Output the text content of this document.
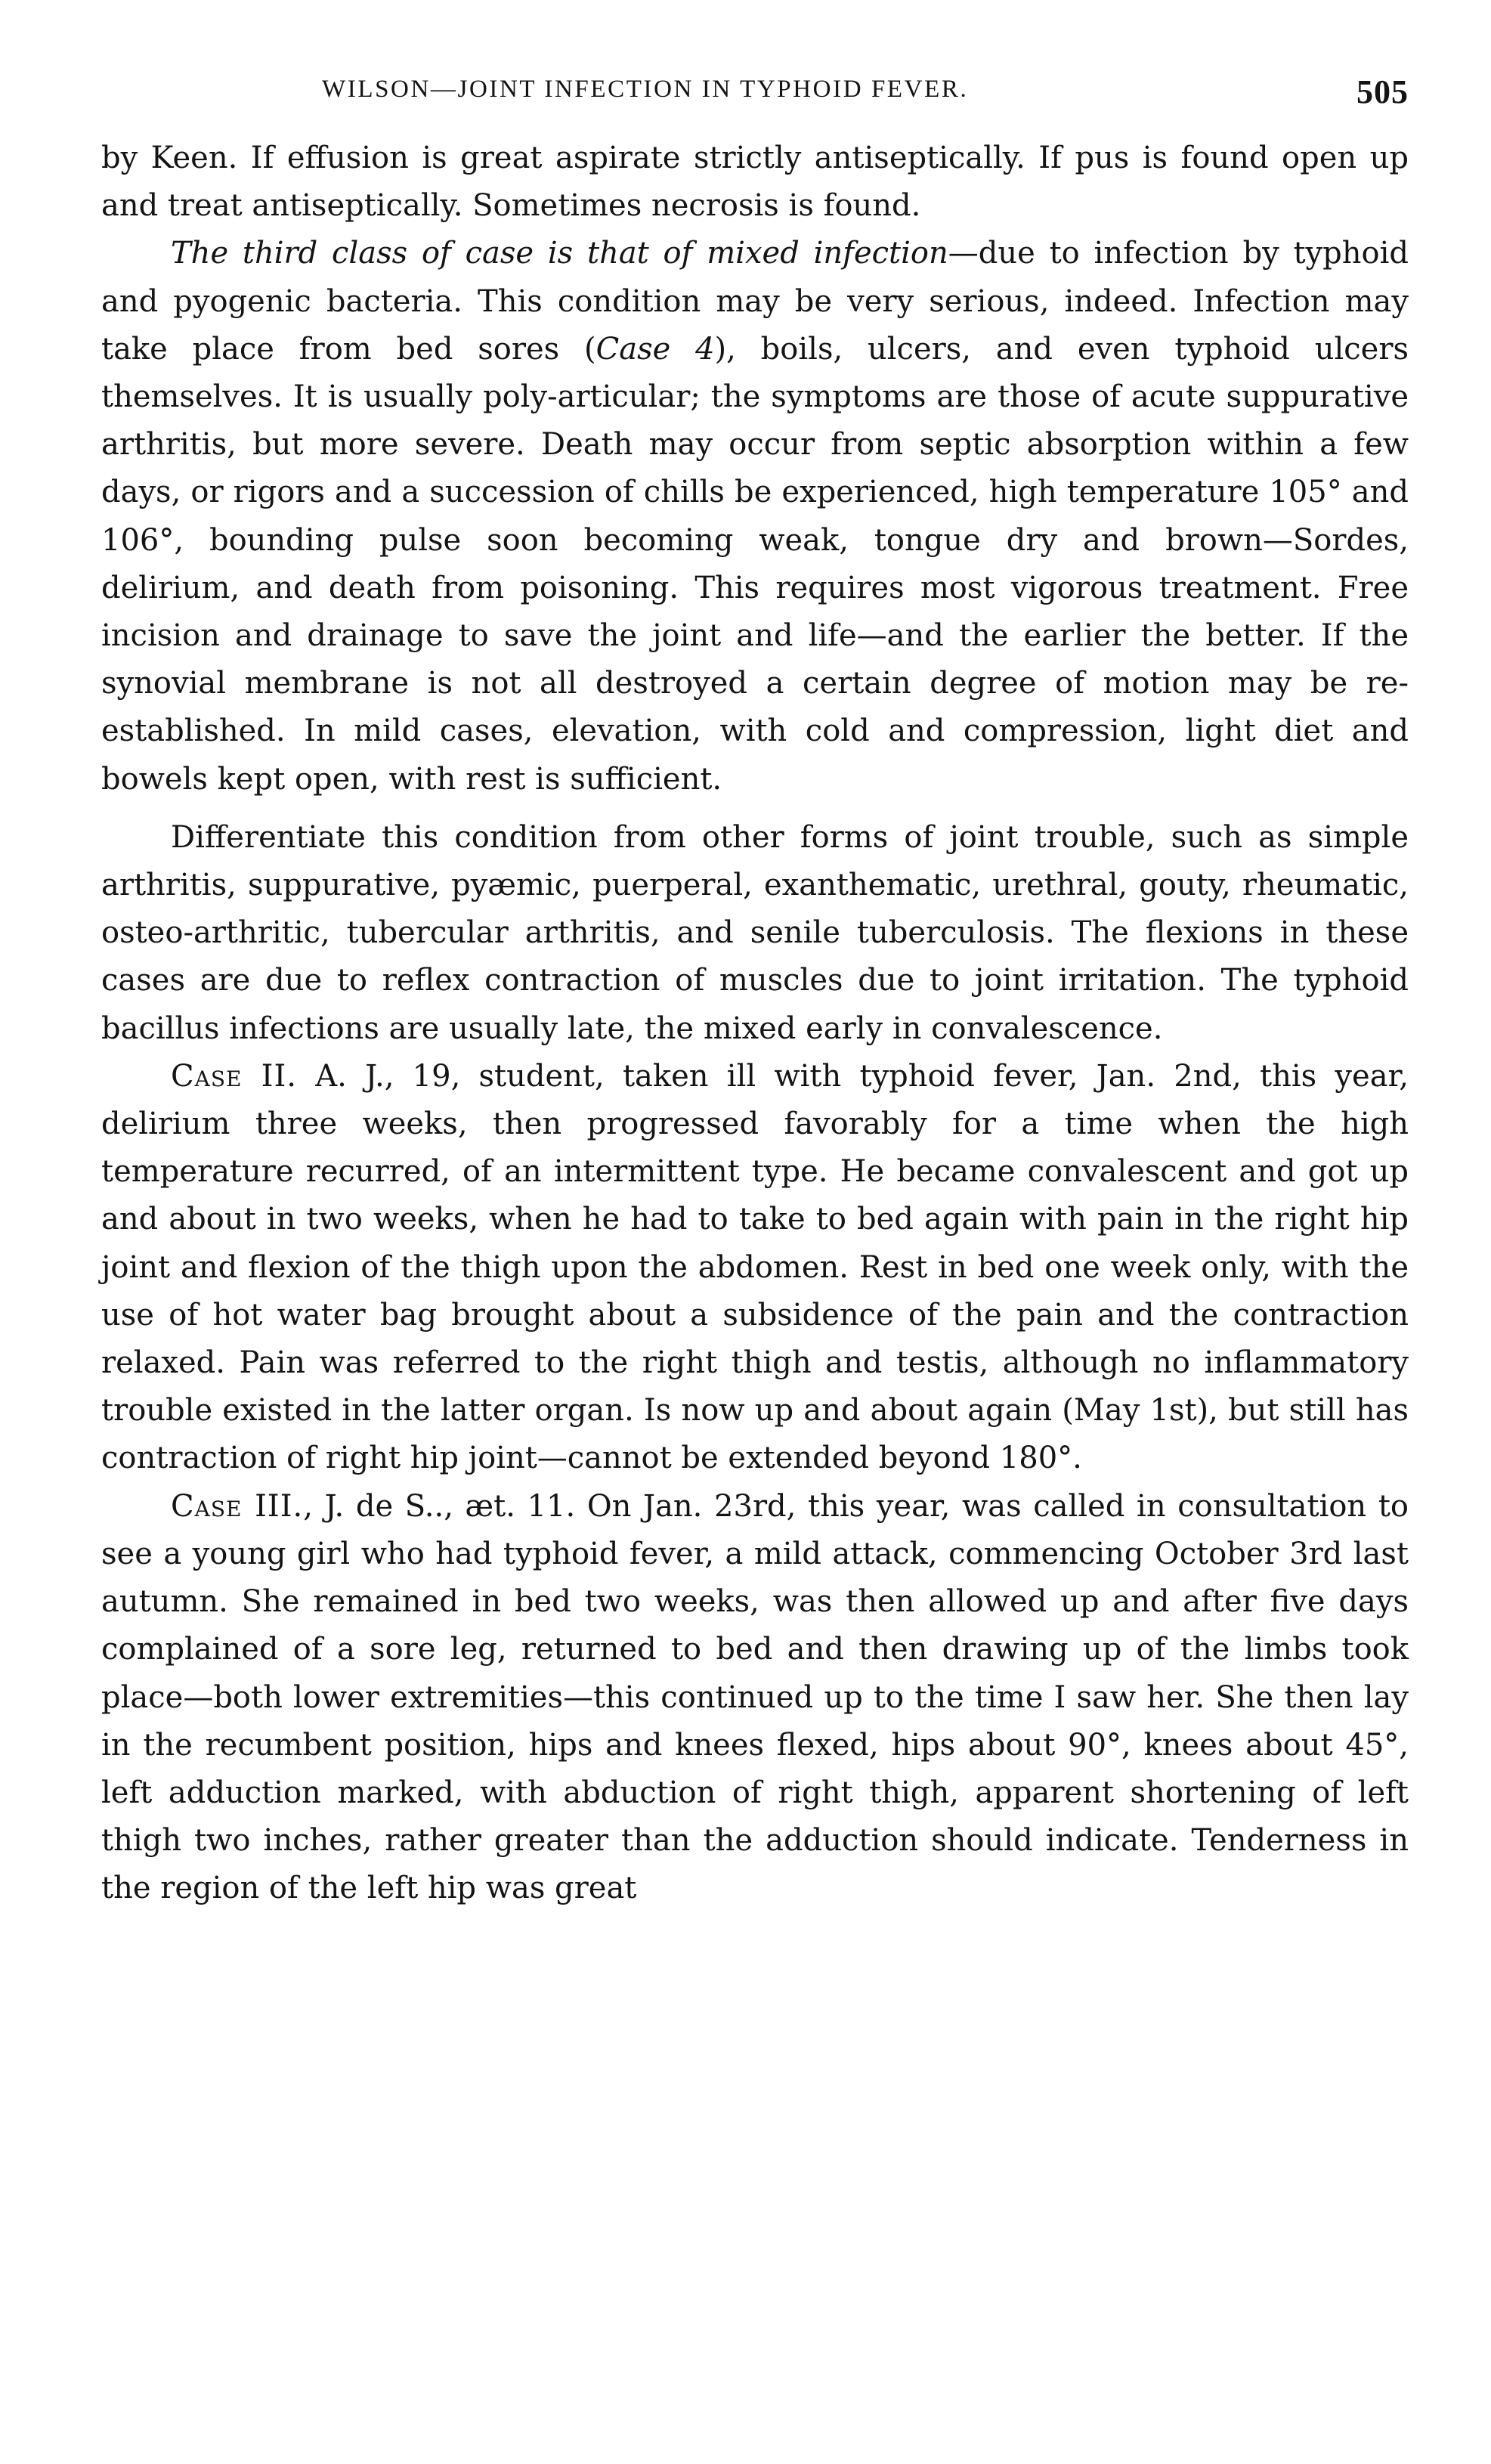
WILSON—JOINT INFECTION IN TYPHOID FEVER.	505

by Keen. If effusion is great aspirate strictly antiseptically. If pus is found open up and treat antiseptically. Sometimes necrosis is found.

The third class of case is that of mixed infection—due to infection by typhoid and pyogenic bacteria. This condition may be very serious, indeed. Infection may take place from bed sores (Case 4), boils, ulcers, and even typhoid ulcers themselves. It is usually poly-articular; the symptoms are those of acute suppurative arthritis, but more severe. Death may occur from septic absorption within a few days, or rigors and a succession of chills be experienced, high temperature 105° and 106°, bounding pulse soon becoming weak, tongue dry and brown—Sordes, delirium, and death from poisoning. This requires most vigorous treatment. Free incision and drainage to save the joint and life—and the earlier the better. If the synovial membrane is not all destroyed a certain degree of motion may be re-established. In mild cases, elevation, with cold and compression, light diet and bowels kept open, with rest is sufficient.

Differentiate this condition from other forms of joint trouble, such as simple arthritis, suppurative, pyæmic, puerperal, exanthematic, urethral, gouty, rheumatic, osteo-arthritic, tubercular arthritis, and senile tuberculosis. The flexions in these cases are due to reflex contraction of muscles due to joint irritation. The typhoid bacillus infections are usually late, the mixed early in convalescence.

Case II. A. J., 19, student, taken ill with typhoid fever, Jan. 2nd, this year, delirium three weeks, then progressed favorably for a time when the high temperature recurred, of an intermittent type. He became convalescent and got up and about in two weeks, when he had to take to bed again with pain in the right hip joint and flexion of the thigh upon the abdomen. Rest in bed one week only, with the use of hot water bag brought about a subsidence of the pain and the contraction relaxed. Pain was referred to the right thigh and testis, although no inflammatory trouble existed in the latter organ. Is now up and about again (May 1st), but still has contraction of right hip joint—cannot be extended beyond 180°.

Case III., J. de S.., æt. 11. On Jan. 23rd, this year, was called in consultation to see a young girl who had typhoid fever, a mild attack, commencing October 3rd last autumn. She remained in bed two weeks, was then allowed up and after five days complained of a sore leg, returned to bed and then drawing up of the limbs took place—both lower extremities—this continued up to the time I saw her. She then lay in the recumbent position, hips and knees flexed, hips about 90°, knees about 45°, left adduction marked, with abduction of right thigh, apparent shortening of left thigh two inches, rather greater than the adduction should indicate. Tenderness in the region of the left hip was great
